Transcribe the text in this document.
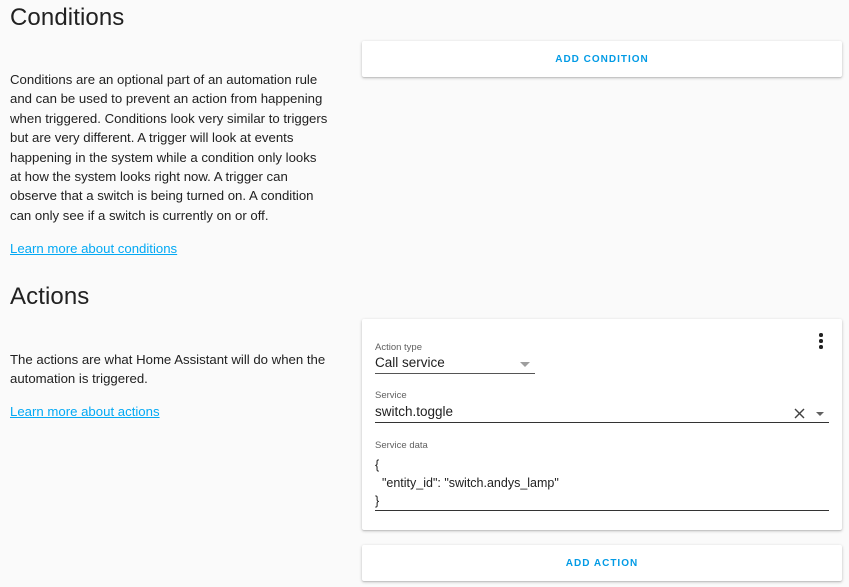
Conditions

Conditions are an optional part of an automation rule and can be used to prevent an action from happening when triggered. Conditions look very similar to triggers but are very different. A trigger will look at events happening in the system while a condition only looks at how the system looks right now. A trigger can observe that a switch is being turned on. A condition can only see if a switch is currently on or off.

Learn more about conditions
ADD CONDITION
Actions

The actions are what Home Assistant will do when the automation is triggered.

Learn more about actions
Action type
Call service
Service
switch.toggle
Service data
{
"entity_id": "switch.andys_lamp"
}
ADD ACTION
